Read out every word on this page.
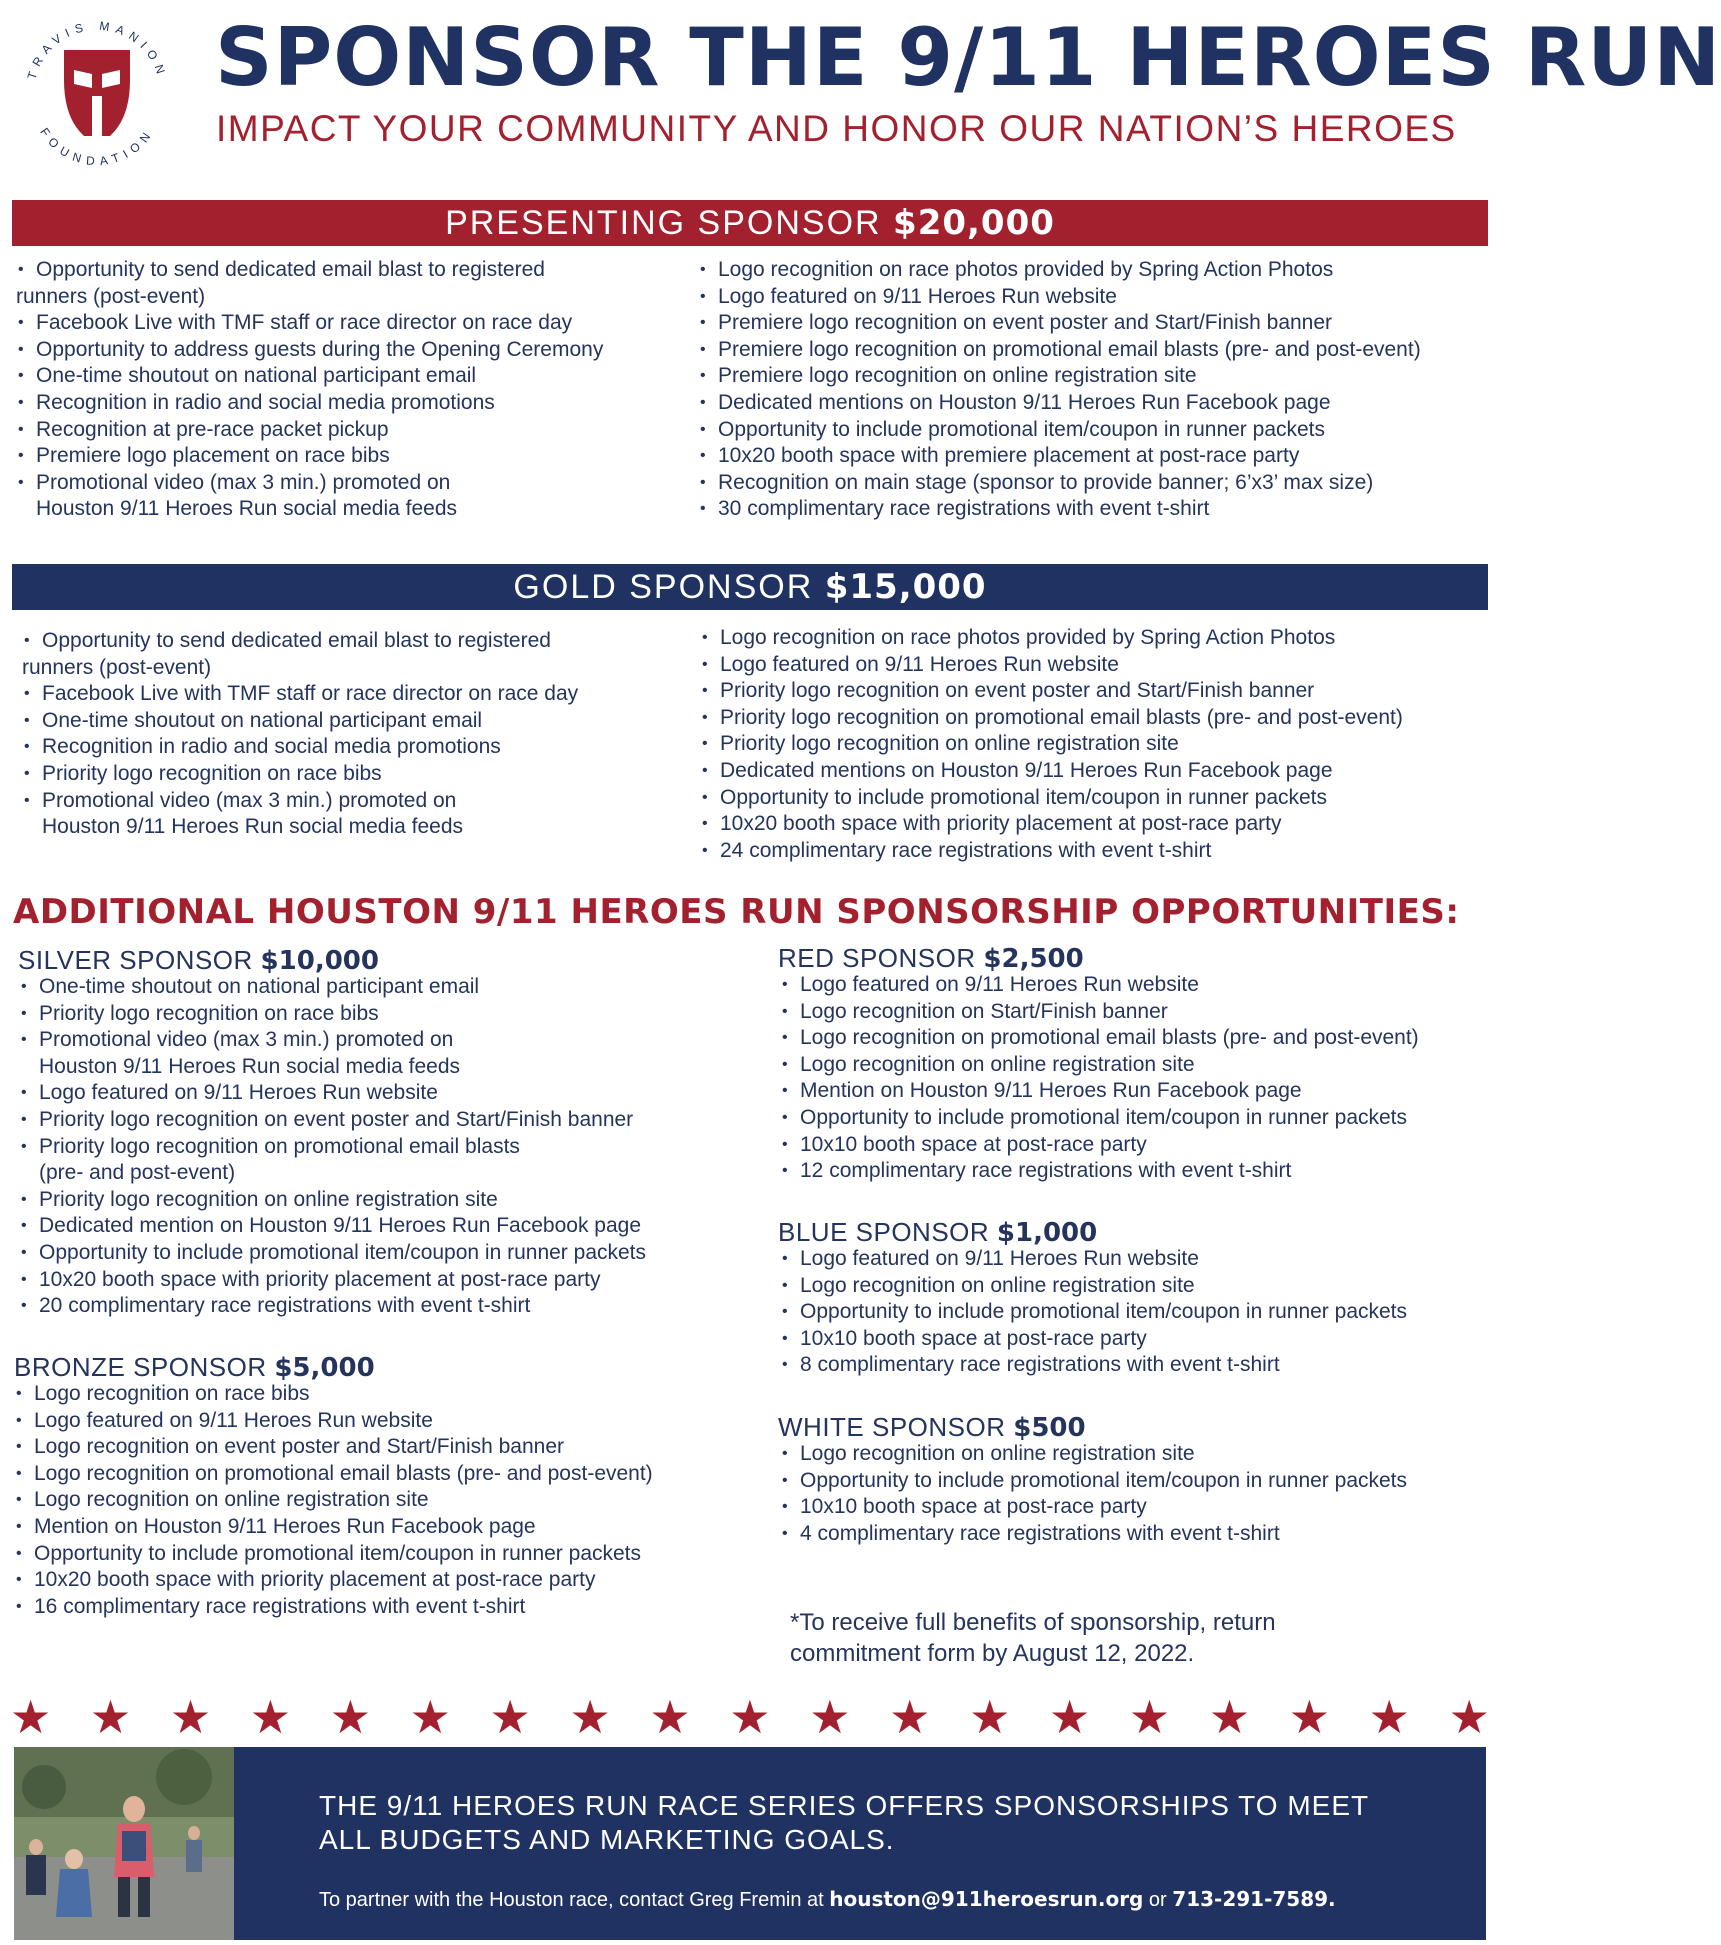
TRAVIS MANION
FOUNDATION
SPONSOR THE 9/11 HEROES RUN
IMPACT YOUR COMMUNITY AND HONOR OUR NATION’S HEROES
PRESENTING SPONSOR $20,000
• Opportunity to send dedicated email blast to registered
runners (post-event)
• Facebook Live with TMF staff or race director on race day
• Opportunity to address guests during the Opening Ceremony
• One-time shoutout on national participant email
• Recognition in radio and social media promotions
• Recognition at pre-race packet pickup
• Premiere logo placement on race bibs
• Promotional video (max 3 min.) promoted on
Houston 9/11 Heroes Run social media feeds
• Logo recognition on race photos provided by Spring Action Photos
• Logo featured on 9/11 Heroes Run website
• Premiere logo recognition on event poster and Start/Finish banner
• Premiere logo recognition on promotional email blasts (pre- and post-event)
• Premiere logo recognition on online registration site
• Dedicated mentions on Houston 9/11 Heroes Run Facebook page
• Opportunity to include promotional item/coupon in runner packets
• 10x20 booth space with premiere placement at post-race party
• Recognition on main stage (sponsor to provide banner; 6’x3’ max size)
• 30 complimentary race registrations with event t-shirt
GOLD SPONSOR $15,000
• Opportunity to send dedicated email blast to registered
runners (post-event)
• Facebook Live with TMF staff or race director on race day
• One-time shoutout on national participant email
• Recognition in radio and social media promotions
• Priority logo recognition on race bibs
• Promotional video (max 3 min.) promoted on
Houston 9/11 Heroes Run social media feeds
• Logo recognition on race photos provided by Spring Action Photos
• Logo featured on 9/11 Heroes Run website
• Priority logo recognition on event poster and Start/Finish banner
• Priority logo recognition on promotional email blasts (pre- and post-event)
• Priority logo recognition on online registration site
• Dedicated mentions on Houston 9/11 Heroes Run Facebook page
• Opportunity to include promotional item/coupon in runner packets
• 10x20 booth space with priority placement at post-race party
• 24 complimentary race registrations with event t-shirt
ADDITIONAL HOUSTON 9/11 HEROES RUN SPONSORSHIP OPPORTUNITIES:
SILVER SPONSOR $10,000
• One-time shoutout on national participant email
• Priority logo recognition on race bibs
• Promotional video (max 3 min.) promoted on
Houston 9/11 Heroes Run social media feeds
• Logo featured on 9/11 Heroes Run website
• Priority logo recognition on event poster and Start/Finish banner
• Priority logo recognition on promotional email blasts
(pre- and post-event)
• Priority logo recognition on online registration site
• Dedicated mention on Houston 9/11 Heroes Run Facebook page
• Opportunity to include promotional item/coupon in runner packets
• 10x20 booth space with priority placement at post-race party
• 20 complimentary race registrations with event t-shirt
BRONZE SPONSOR $5,000
• Logo recognition on race bibs
• Logo featured on 9/11 Heroes Run website
• Logo recognition on event poster and Start/Finish banner
• Logo recognition on promotional email blasts (pre- and post-event)
• Logo recognition on online registration site
• Mention on Houston 9/11 Heroes Run Facebook page
• Opportunity to include promotional item/coupon in runner packets
• 10x20 booth space with priority placement at post-race party
• 16 complimentary race registrations with event t-shirt
RED SPONSOR $2,500
• Logo featured on 9/11 Heroes Run website
• Logo recognition on Start/Finish banner
• Logo recognition on promotional email blasts (pre- and post-event)
• Logo recognition on online registration site
• Mention on Houston 9/11 Heroes Run Facebook page
• Opportunity to include promotional item/coupon in runner packets
• 10x10 booth space at post-race party
• 12 complimentary race registrations with event t-shirt
BLUE SPONSOR $1,000
• Logo featured on 9/11 Heroes Run website
• Logo recognition on online registration site
• Opportunity to include promotional item/coupon in runner packets
• 10x10 booth space at post-race party
• 8 complimentary race registrations with event t-shirt
WHITE SPONSOR $500
• Logo recognition on online registration site
• Opportunity to include promotional item/coupon in runner packets
• 10x10 booth space at post-race party
• 4 complimentary race registrations with event t-shirt
*To receive full benefits of sponsorship, return commitment form by August 12, 2022.
★ ★ ★ ★ ★ ★ ★ ★ ★ ★ ★ ★ ★ ★ ★ ★ ★ ★ ★
THE 9/11 HEROES RUN RACE SERIES OFFERS SPONSORSHIPS TO MEET ALL BUDGETS AND MARKETING GOALS.
To partner with the Houston race, contact Greg Fremin at houston@911heroesrun.org or 713-291-7589.
